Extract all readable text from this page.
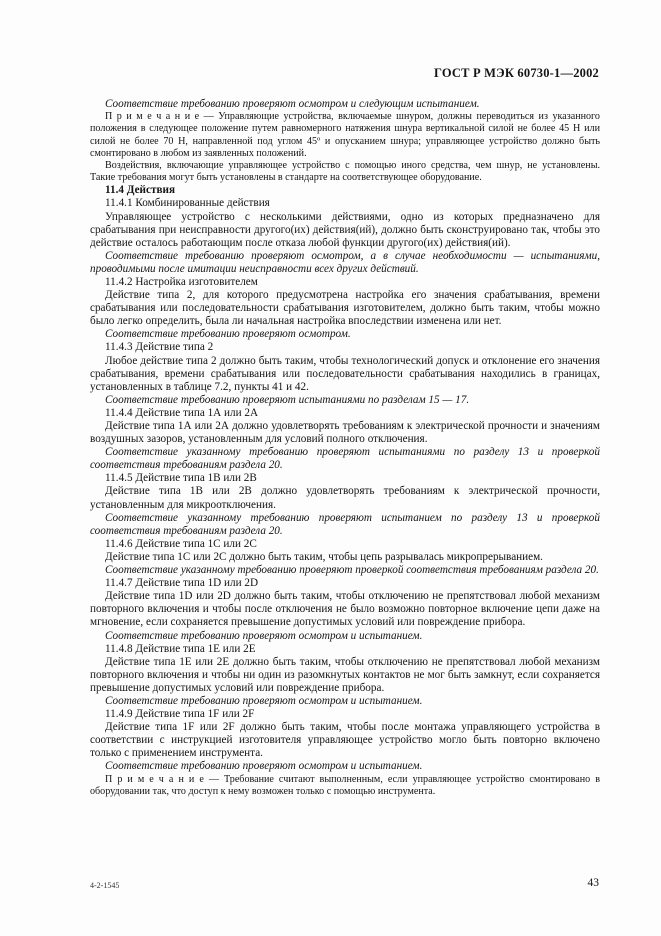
ГОСТ Р МЭК 60730-1—2002

Соответствие требованию проверяют осмотром и следующим испытанием.

П р и м е ч а н и е — Управляющие устройства, включаемые шнуром, должны переводиться из указанного положения в следующее положение путем равномерного натяжения шнура вертикальной силой не более 45 Н или силой не более 70 Н, направленной под углом 45º и опусканием шнура; управляющее устройство должно быть смонтировано в любом из заявленных положений.

Воздействия, включающие управляющее устройство с помощью иного средства, чем шнур, не установлены. Такие требования могут быть установлены в стандарте на соответствующее оборудование.

11.4 Действия

11.4.1 Комбинированные действия

Управляющее устройство с несколькими действиями, одно из которых предназначено для срабатывания при неисправности другого(их) действия(ий), должно быть сконструировано так, чтобы это действие осталось работающим после отказа любой функции другого(их) действия(ий).

Соответствие требованию проверяют осмотром, а в случае необходимости — испытаниями, проводимыми после имитации неисправности всех других действий.

11.4.2 Настройка изготовителем

Действие типа 2, для которого предусмотрена настройка его значения срабатывания, времени срабатывания или последовательности срабатывания изготовителем, должно быть таким, чтобы можно было легко определить, была ли начальная настройка впоследствии изменена или нет.

Соответствие требованию проверяют осмотром.

11.4.3 Действие типа 2

Любое действие типа 2 должно быть таким, чтобы технологический допуск и отклонение его значения срабатывания, времени срабатывания или последовательности срабатывания находились в границах, установленных в таблице 7.2, пункты 41 и 42.

Соответствие требованию проверяют испытаниями по разделам 15 — 17.

11.4.4 Действие типа 1А или 2А

Действие типа 1А или 2А должно удовлетворять требованиям к электрической прочности и значениям воздушных зазоров, установленным для условий полного отключения.

Соответствие указанному требованию проверяют испытаниями по разделу 13 и проверкой соответствия требованиям раздела 20.

11.4.5 Действие типа 1B или 2B

Действие типа 1B или 2B должно удовлетворять требованиям к электрической прочности, установленным для микроотключения.

Соответствие указанному требованию проверяют испытанием по разделу 13 и проверкой соответствия требованиям раздела 20.

11.4.6 Действие типа 1С или 2С

Действие типа 1С или 2С должно быть таким, чтобы цепь разрывалась микропрерыванием.

Соответствие указанному требованию проверяют проверкой соответствия требованиям раздела 20.

11.4.7 Действие типа 1D или 2D

Действие типа 1D или 2D должно быть таким, чтобы отключению не препятствовал любой механизм повторного включения и чтобы после отключения не было возможно повторное включение цепи даже на мгновение, если сохраняется превышение допустимых условий или повреждение прибора.

Соответствие требованию проверяют осмотром и испытанием.

11.4.8 Действие типа 1E или 2E

Действие типа 1E или 2E должно быть таким, чтобы отключению не препятствовал любой механизм повторного включения и чтобы ни один из разомкнутых контактов не мог быть замкнут, если сохраняется превышение допустимых условий или повреждение прибора.

Соответствие требованию проверяют осмотром и испытанием.

11.4.9 Действие типа 1F или 2F

Действие типа 1F или 2F должно быть таким, чтобы после монтажа управляющего устройства в соответствии с инструкцией изготовителя управляющее устройство могло быть повторно включено только с применением инструмента.

Соответствие требованию проверяют осмотром и испытанием.

П р и м е ч а н и е — Требование считают выполненным, если управляющее устройство смонтировано в оборудовании так, что доступ к нему возможен только с помощью инструмента.

4-2-1545	43
